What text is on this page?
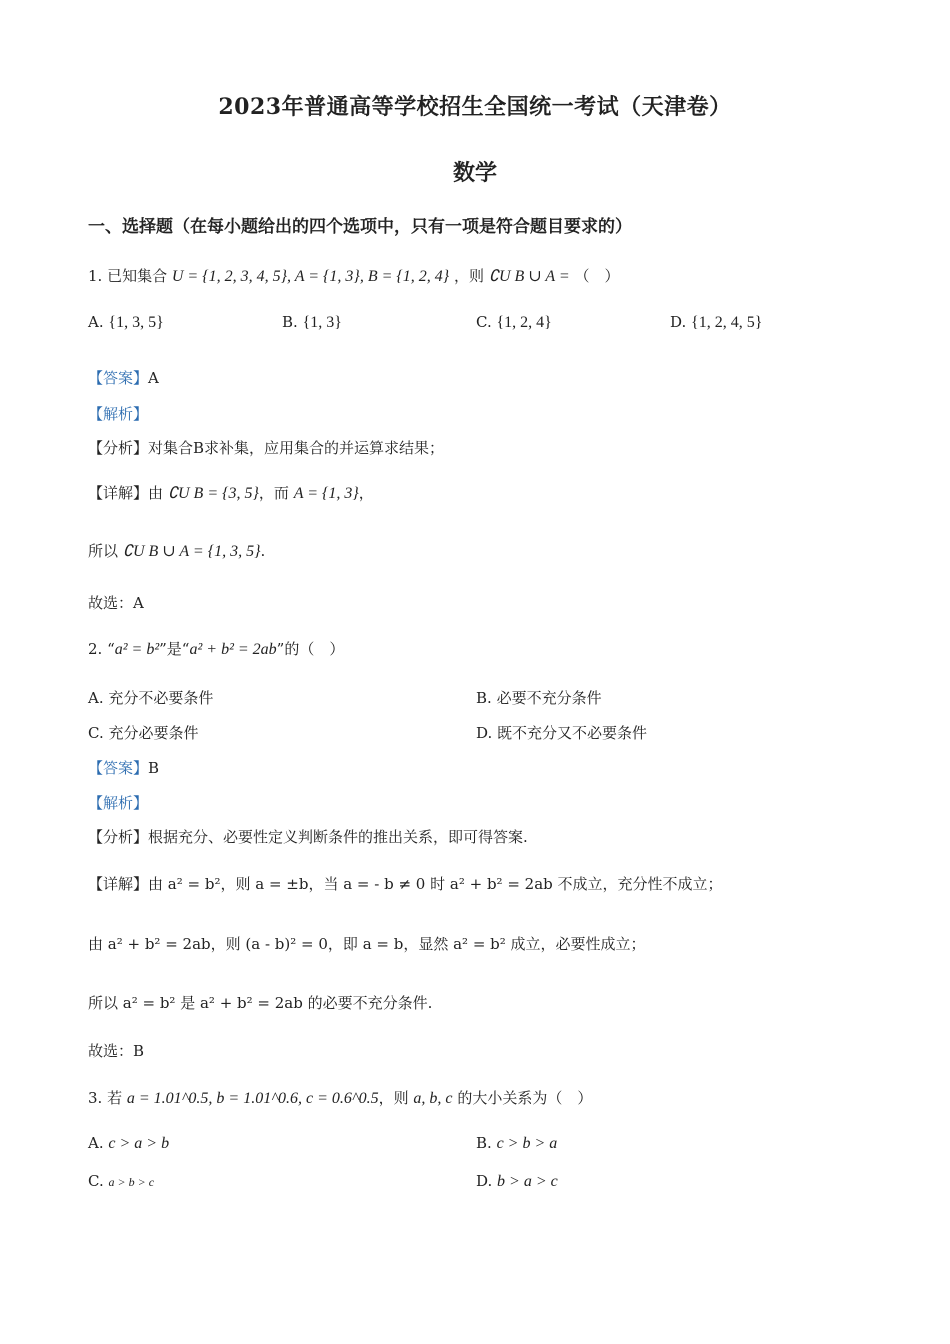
2023年普通高等学校招生全国统一考试（天津卷）
数学
一、选择题（在每小题给出的四个选项中，只有一项是符合题目要求的）
1. 已知集合 U = {1, 2, 3, 4, 5}, A = {1, 3}, B = {1, 2, 4} ，则 ∁U B ∪ A = （　）
A. {1, 3, 5}	B. {1, 3}	C. {1, 2, 4}	D. {1, 2, 4, 5}
【答案】A
【解析】
【分析】对集合B求补集，应用集合的并运算求结果；
【详解】由 ∁U B = {3, 5}，而 A = {1, 3}，
所以 ∁U B ∪ A = {1, 3, 5}.
故选：A
2. “a² = b²”是“a² + b² = 2ab”的（　）
A. 充分不必要条件	B. 必要不充分条件
C. 充分必要条件	D. 既不充分又不必要条件
【答案】B
【解析】
【分析】根据充分、必要性定义判断条件的推出关系，即可得答案.
【详解】由 a² = b²，则 a = ±b，当 a = - b ≠ 0 时 a² + b² = 2ab 不成立，充分性不成立；
由 a² + b² = 2ab，则 (a - b)² = 0，即 a = b，显然 a² = b² 成立，必要性成立；
所以 a² = b² 是 a² + b² = 2ab 的必要不充分条件.
故选：B
3. 若 a = 1.01^0.5, b = 1.01^0.6, c = 0.6^0.5，则 a, b, c 的大小关系为（　）
A. c > a > b	B. c > b > a
C. a > b > c	D. b > a > c
